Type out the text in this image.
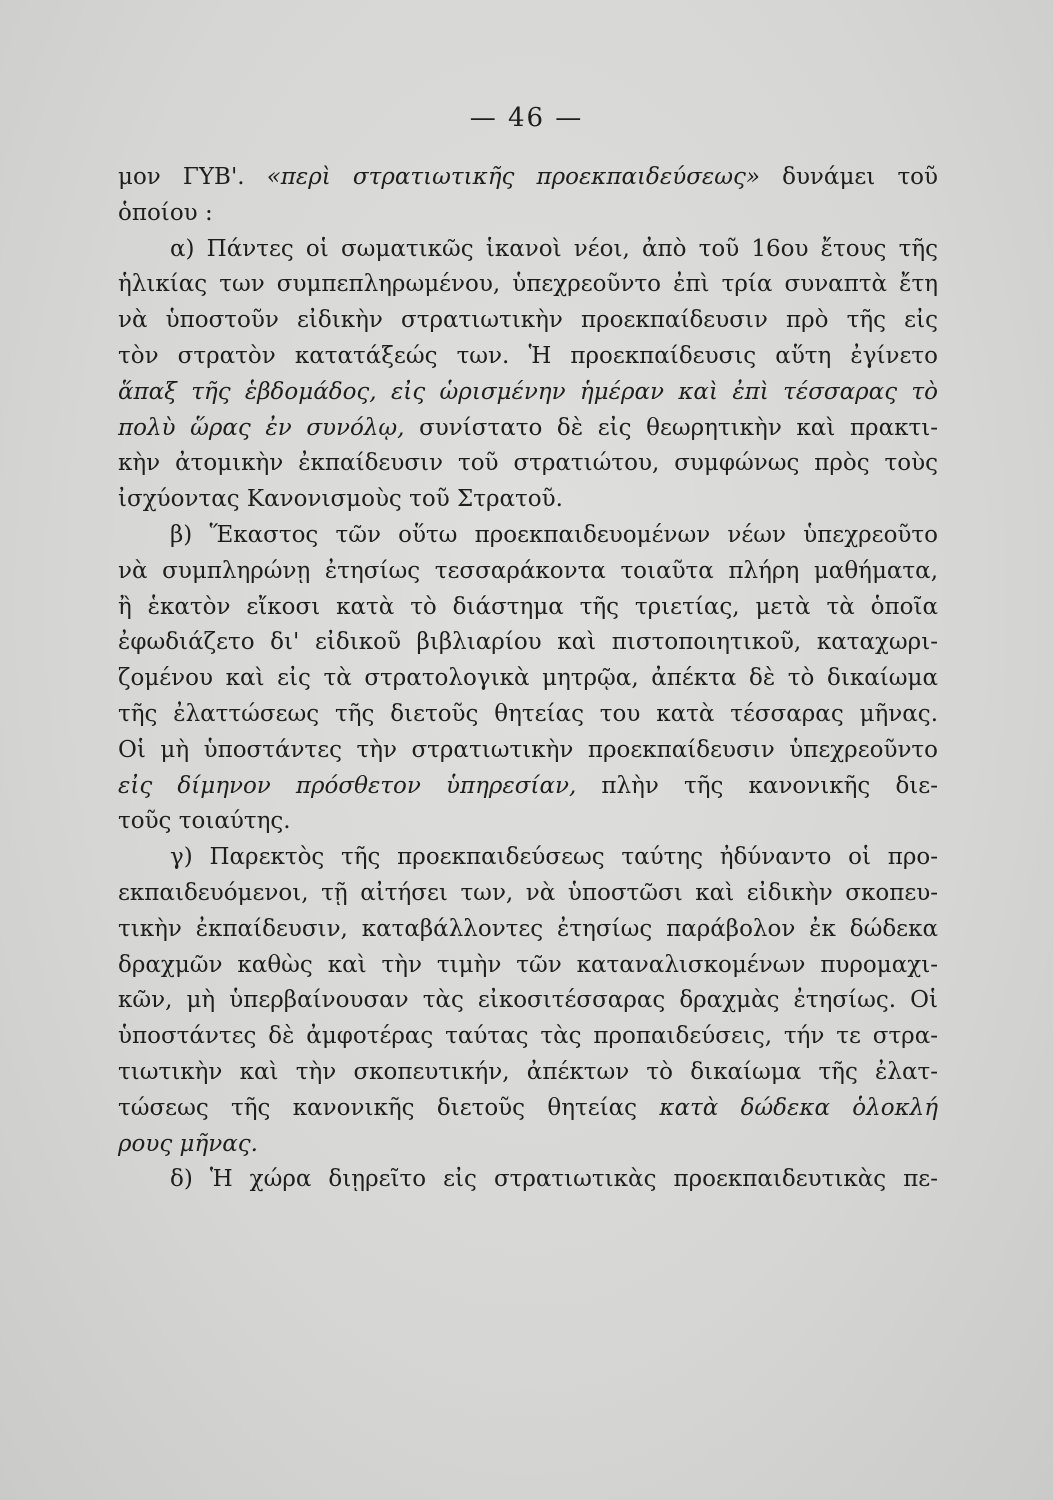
— 46 —
μον ΓΥΒ'. «περὶ στρατιωτικῆς προεκπαιδεύσεως» δυνάμει τοῦ
ὁποίου :
α) Πάντες οἱ σωματικῶς ἱκανοὶ νέοι, ἀπὸ τοῦ 16ου ἔτους τῆς
ἡλικίας των συμπεπληρωμένου, ὑπεχρεοῦντο ἐπὶ τρία συναπτὰ ἔτη
νὰ ὑποστοῦν εἰδικὴν στρατιωτικὴν προεκπαίδευσιν πρὸ τῆς εἰς
τὸν στρατὸν κατατάξεώς των. Ἡ προεκπαίδευσις αὕτη ἐγίνετο
ἅπαξ τῆς ἑβδομάδος, εἰς ὡρισμένην ἡμέραν καὶ ἐπὶ τέσσαρας τὸ
πολὺ ὥρας ἐν συνόλῳ, συνίστατο δὲ εἰς θεωρητικὴν καὶ πρακτι-
κὴν ἀτομικὴν ἐκπαίδευσιν τοῦ στρατιώτου, συμφώνως πρὸς τοὺς
ἰσχύοντας Κανονισμοὺς τοῦ Στρατοῦ.
β) Ἕκαστος τῶν οὕτω προεκπαιδευομένων νέων ὑπεχρεοῦτο
νὰ συμπληρώνῃ ἐτησίως τεσσαράκοντα τοιαῦτα πλήρη μαθήματα,
ἢ ἑκατὸν εἴκοσι κατὰ τὸ διάστημα τῆς τριετίας, μετὰ τὰ ὁποῖα
ἐφωδιάζετο δι' εἰδικοῦ βιβλιαρίου καὶ πιστοποιητικοῦ, καταχωρι-
ζομένου καὶ εἰς τὰ στρατολογικὰ μητρῷα, ἀπέκτα δὲ τὸ δικαίωμα
τῆς ἐλαττώσεως τῆς διετοῦς θητείας του κατὰ τέσσαρας μῆνας.
Οἱ μὴ ὑποστάντες τὴν στρατιωτικὴν προεκπαίδευσιν ὑπεχρεοῦντο
εἰς δίμηνον πρόσθετον ὑπηρεσίαν, πλὴν τῆς κανονικῆς διε-
τοῦς τοιαύτης.
γ) Παρεκτὸς τῆς προεκπαιδεύσεως ταύτης ἠδύναντο οἱ προ-
εκπαιδευόμενοι, τῇ αἰτήσει των, νὰ ὑποστῶσι καὶ εἰδικὴν σκοπευ-
τικὴν ἐκπαίδευσιν, καταβάλλοντες ἐτησίως παράβολον ἐκ δώδεκα
δραχμῶν καθὼς καὶ τὴν τιμὴν τῶν καταναλισκομένων πυρομαχι-
κῶν, μὴ ὑπερβαίνουσαν τὰς εἰκοσιτέσσαρας δραχμὰς ἐτησίως. Οἱ
ὑποστάντες δὲ ἀμφοτέρας ταύτας τὰς προπαιδεύσεις, τήν τε στρα-
τιωτικὴν καὶ τὴν σκοπευτικήν, ἀπέκτων τὸ δικαίωμα τῆς ἐλατ-
τώσεως τῆς κανονικῆς διετοῦς θητείας κατὰ δώδεκα ὁλοκλή
ρους μῆνας.
δ) Ἡ χώρα διῃρεῖτο εἰς στρατιωτικὰς προεκπαιδευτικὰς πε-
